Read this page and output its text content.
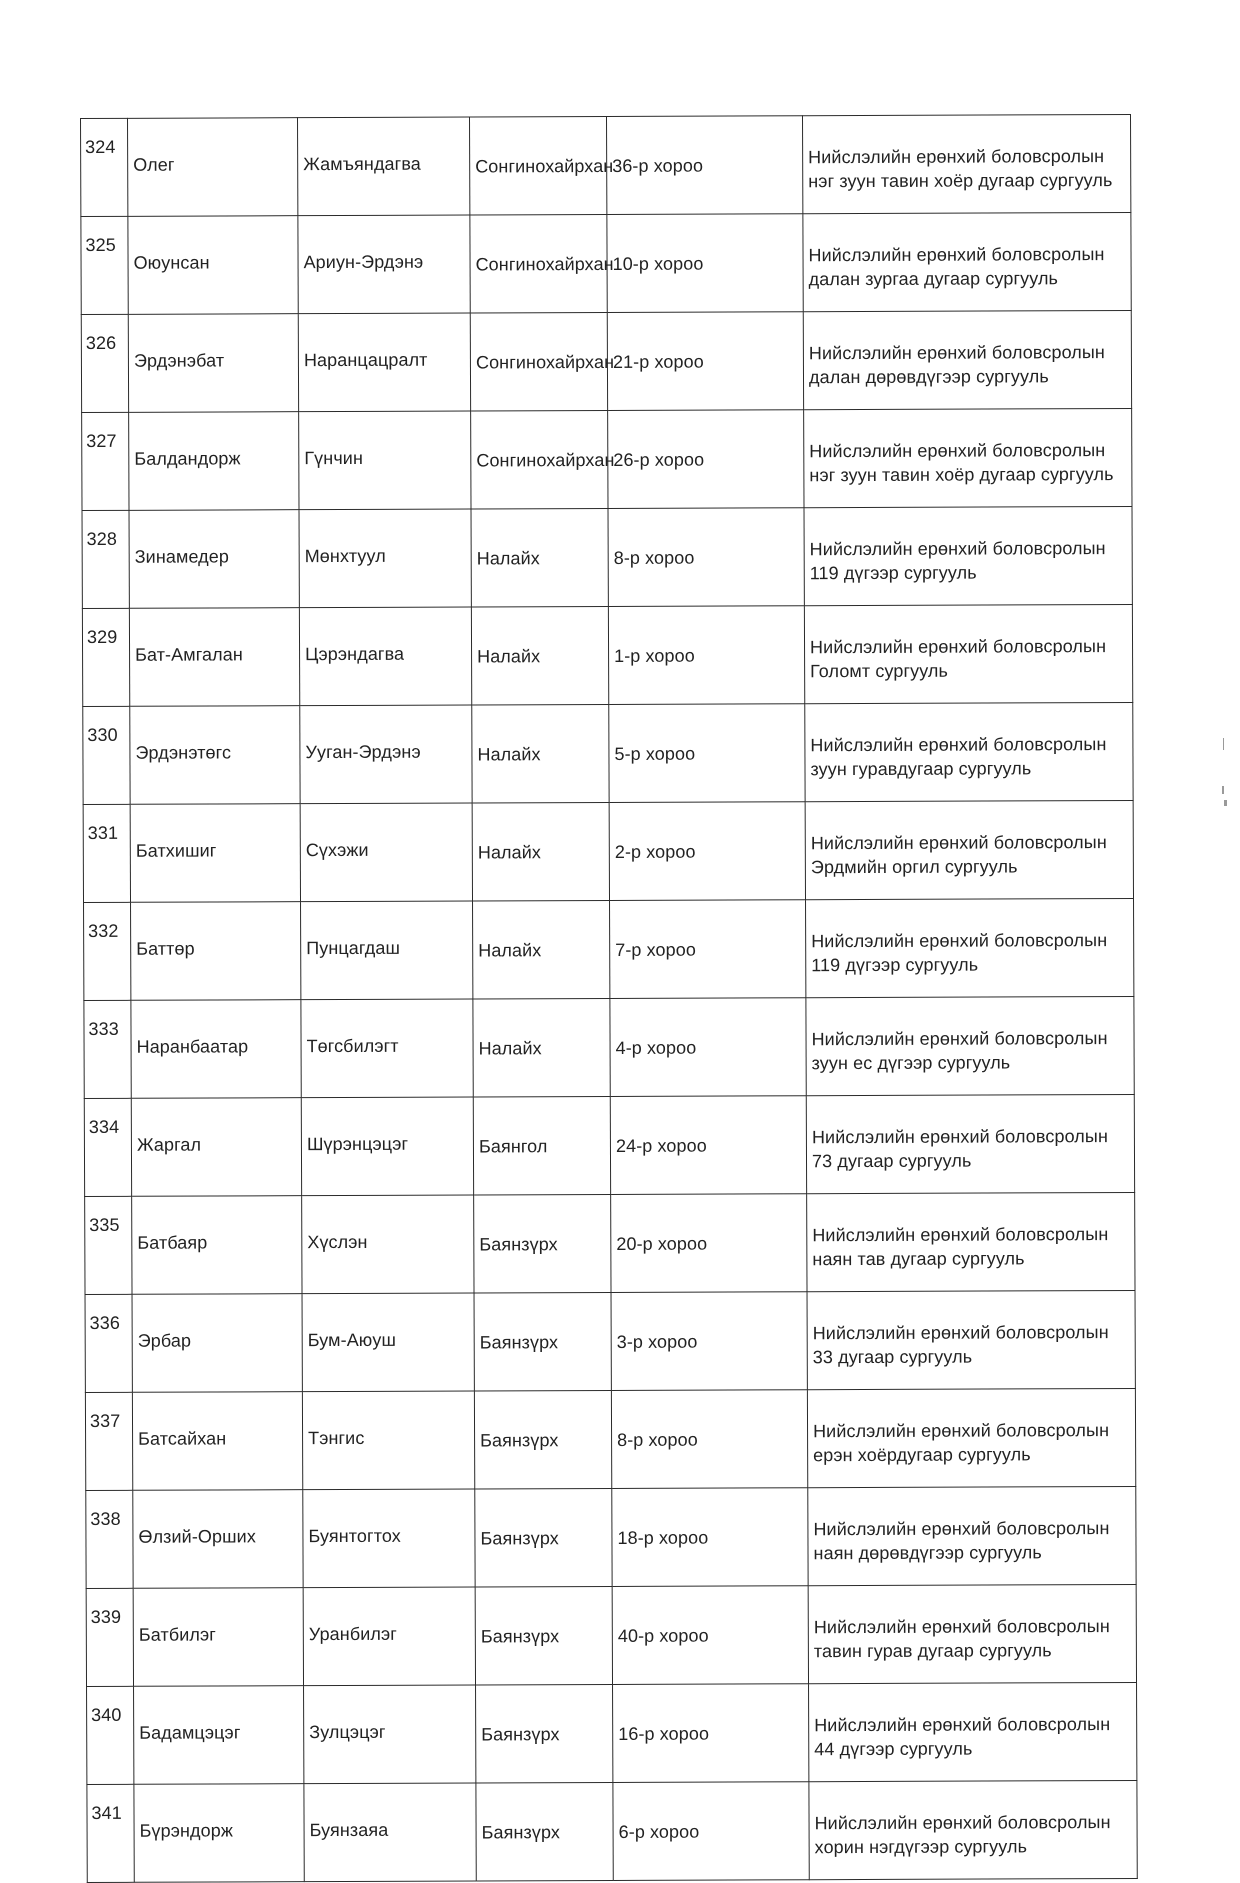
324	Олег	Жамъяндагва	Сонгинохайрхан	36-р хороо	Нийслэлийн ерөнхий боловсролын нэг зуун тавин хоёр дугаар сургууль
325	Оюунсан	Ариун-Эрдэнэ	Сонгинохайрхан	10-р хороо	Нийслэлийн ерөнхий боловсролын далан зургаа дугаар сургууль
326	Эрдэнэбат	Наранцацралт	Сонгинохайрхан	21-р хороо	Нийслэлийн ерөнхий боловсролын далан дөрөвдүгээр сургууль
327	Балдандорж	Гүнчин	Сонгинохайрхан	26-р хороо	Нийслэлийн ерөнхий боловсролын нэг зуун тавин хоёр дугаар сургууль
328	Зинамедер	Мөнхтуул	Налайх	8-р хороо	Нийслэлийн ерөнхий боловсролын 119 дүгээр сургууль
329	Бат-Амгалан	Цэрэндагва	Налайх	1-р хороо	Нийслэлийн ерөнхий боловсролын Голомт сургууль
330	Эрдэнэтөгс	Ууган-Эрдэнэ	Налайх	5-р хороо	Нийслэлийн ерөнхий боловсролын зуун гуравдугаар сургууль
331	Батхишиг	Сүхэжи	Налайх	2-р хороо	Нийслэлийн ерөнхий боловсролын Эрдмийн оргил сургууль
332	Баттөр	Пунцагдаш	Налайх	7-р хороо	Нийслэлийн ерөнхий боловсролын 119 дүгээр сургууль
333	Наранбаатар	Төгсбилэгт	Налайх	4-р хороо	Нийслэлийн ерөнхий боловсролын зуун ес дүгээр сургууль
334	Жаргал	Шүрэнцэцэг	Баянгол	24-р хороо	Нийслэлийн ерөнхий боловсролын 73 дугаар сургууль
335	Батбаяр	Хүслэн	Баянзүрх	20-р хороо	Нийслэлийн ерөнхий боловсролын наян тав дугаар сургууль
336	Эрбар	Бум-Аюуш	Баянзүрх	3-р хороо	Нийслэлийн ерөнхий боловсролын 33 дугаар сургууль
337	Батсайхан	Тэнгис	Баянзүрх	8-р хороо	Нийслэлийн ерөнхий боловсролын ерэн хоёрдугаар сургууль
338	Өлзий-Орших	Буянтогтох	Баянзүрх	18-р хороо	Нийслэлийн ерөнхий боловсролын наян дөрөвдүгээр сургууль
339	Батбилэг	Уранбилэг	Баянзүрх	40-р хороо	Нийслэлийн ерөнхий боловсролын тавин гурав дугаар сургууль
340	Бадамцэцэг	Зулцэцэг	Баянзүрх	16-р хороо	Нийслэлийн ерөнхий боловсролын 44 дүгээр сургууль
341	Бүрэндорж	Буянзаяа	Баянзүрх	6-р хороо	Нийслэлийн ерөнхий боловсролын хорин нэгдүгээр сургууль
